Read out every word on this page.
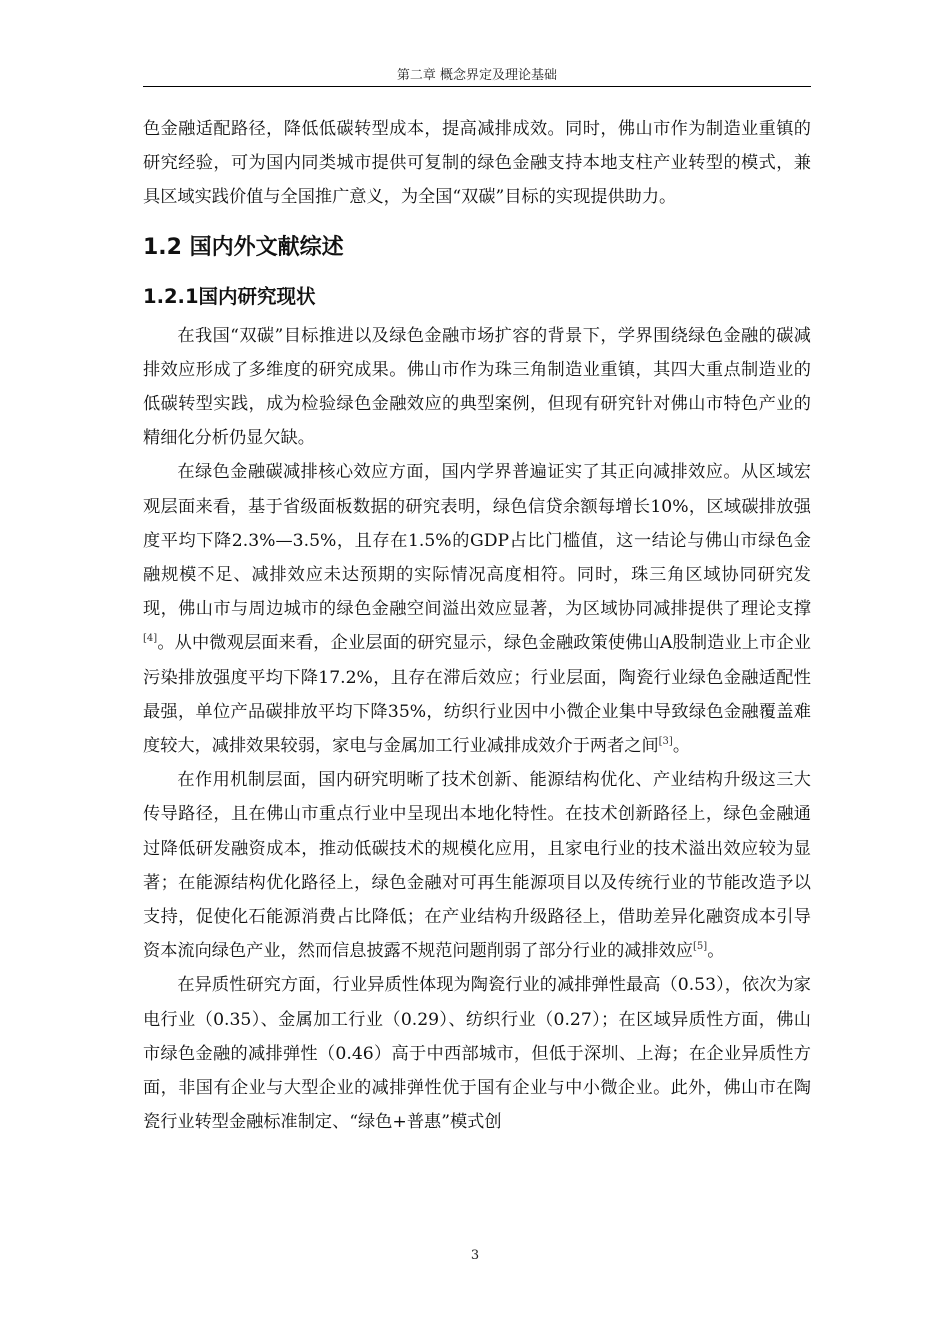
第二章 概念界定及理论基础

色金融适配路径，降低低碳转型成本，提高减排成效。同时，佛山市作为制造业重镇的研究经验，可为国内同类城市提供可复制的绿色金融支持本地支柱产业转型的模式，兼具区域实践价值与全国推广意义，为全国“双碳”目标的实现提供助力。

1.2 国内外文献综述
1.2.1国内研究现状

在我国“双碳”目标推进以及绿色金融市场扩容的背景下，学界围绕绿色金融的碳减排效应形成了多维度的研究成果。佛山市作为珠三角制造业重镇，其四大重点制造业的低碳转型实践，成为检验绿色金融效应的典型案例，但现有研究针对佛山市特色产业的精细化分析仍显欠缺。

在绿色金融碳减排核心效应方面，国内学界普遍证实了其正向减排效应。从区域宏观层面来看，基于省级面板数据的研究表明，绿色信贷余额每增长10%，区域碳排放强度平均下降2.3%—3.5%，且存在1.5%的GDP占比门槛值，这一结论与佛山市绿色金融规模不足、减排效应未达预期的实际情况高度相符。同时，珠三角区域协同研究发现，佛山市与周边城市的绿色金融空间溢出效应显著，为区域协同减排提供了理论支撑[4]。从中微观层面来看，企业层面的研究显示，绿色金融政策使佛山A股制造业上市企业污染排放强度平均下降17.2%，且存在滞后效应；行业层面，陶瓷行业绿色金融适配性最强，单位产品碳排放平均下降35%，纺织行业因中小微企业集中导致绿色金融覆盖难度较大，减排效果较弱，家电与金属加工行业减排成效介于两者之间[3]。

在作用机制层面，国内研究明晰了技术创新、能源结构优化、产业结构升级这三大传导路径，且在佛山市重点行业中呈现出本地化特性。在技术创新路径上，绿色金融通过降低研发融资成本，推动低碳技术的规模化应用，且家电行业的技术溢出效应较为显著；在能源结构优化路径上，绿色金融对可再生能源项目以及传统行业的节能改造予以支持，促使化石能源消费占比降低；在产业结构升级路径上，借助差异化融资成本引导资本流向绿色产业，然而信息披露不规范问题削弱了部分行业的减排效应[5]。

在异质性研究方面，行业异质性体现为陶瓷行业的减排弹性最高（0.53），依次为家电行业（0.35）、金属加工行业（0.29）、纺织行业（0.27）；在区域异质性方面，佛山市绿色金融的减排弹性（0.46）高于中西部城市，但低于深圳、上海；在企业异质性方面，非国有企业与大型企业的减排弹性优于国有企业与中小微企业。此外，佛山市在陶瓷行业转型金融标准制定、“绿色+普惠”模式创

3
